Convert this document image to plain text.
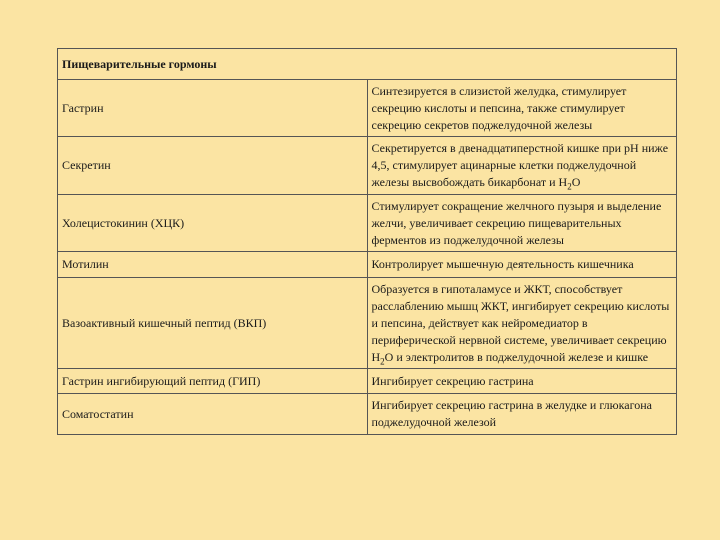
Пищеварительные гормоны	
Гастрин	Синтезируется в слизистой желудка, стимулирует секрецию кислоты и пепсина, также стимулирует секрецию секретов поджелудочной железы
Секретин	Секретируется в двенадцатиперстной кишке при pH ниже 4,5, стимулирует ацинарные клетки поджелудочной железы высвобождать бикарбонат и $H_2O$
Холецистокинин (ХЦК)	Стимулирует сокращение желчного пузыря и выделение желчи, увеличивает секрецию пищеварительных ферментов из поджелудочной железы
Мотилин	Контролирует мышечную деятельность кишечника
Вазоактивный кишечный пептид (ВКП)	Образуется в гипоталамусе и ЖКТ, способствует расслаблению мышц ЖКТ, ингибирует секрецию кислоты и пепсина, действует как нейромедиатор в периферической нервной системе, увеличивает секрецию $H_2O$ и электролитов в поджелудочной железе и кишке
Гастрин ингибирующий пептид (ГИП)	Ингибирует секрецию гастрина
Соматостатин	Ингибирует секрецию гастрина в желудке и глюкагона поджелудочной железой
